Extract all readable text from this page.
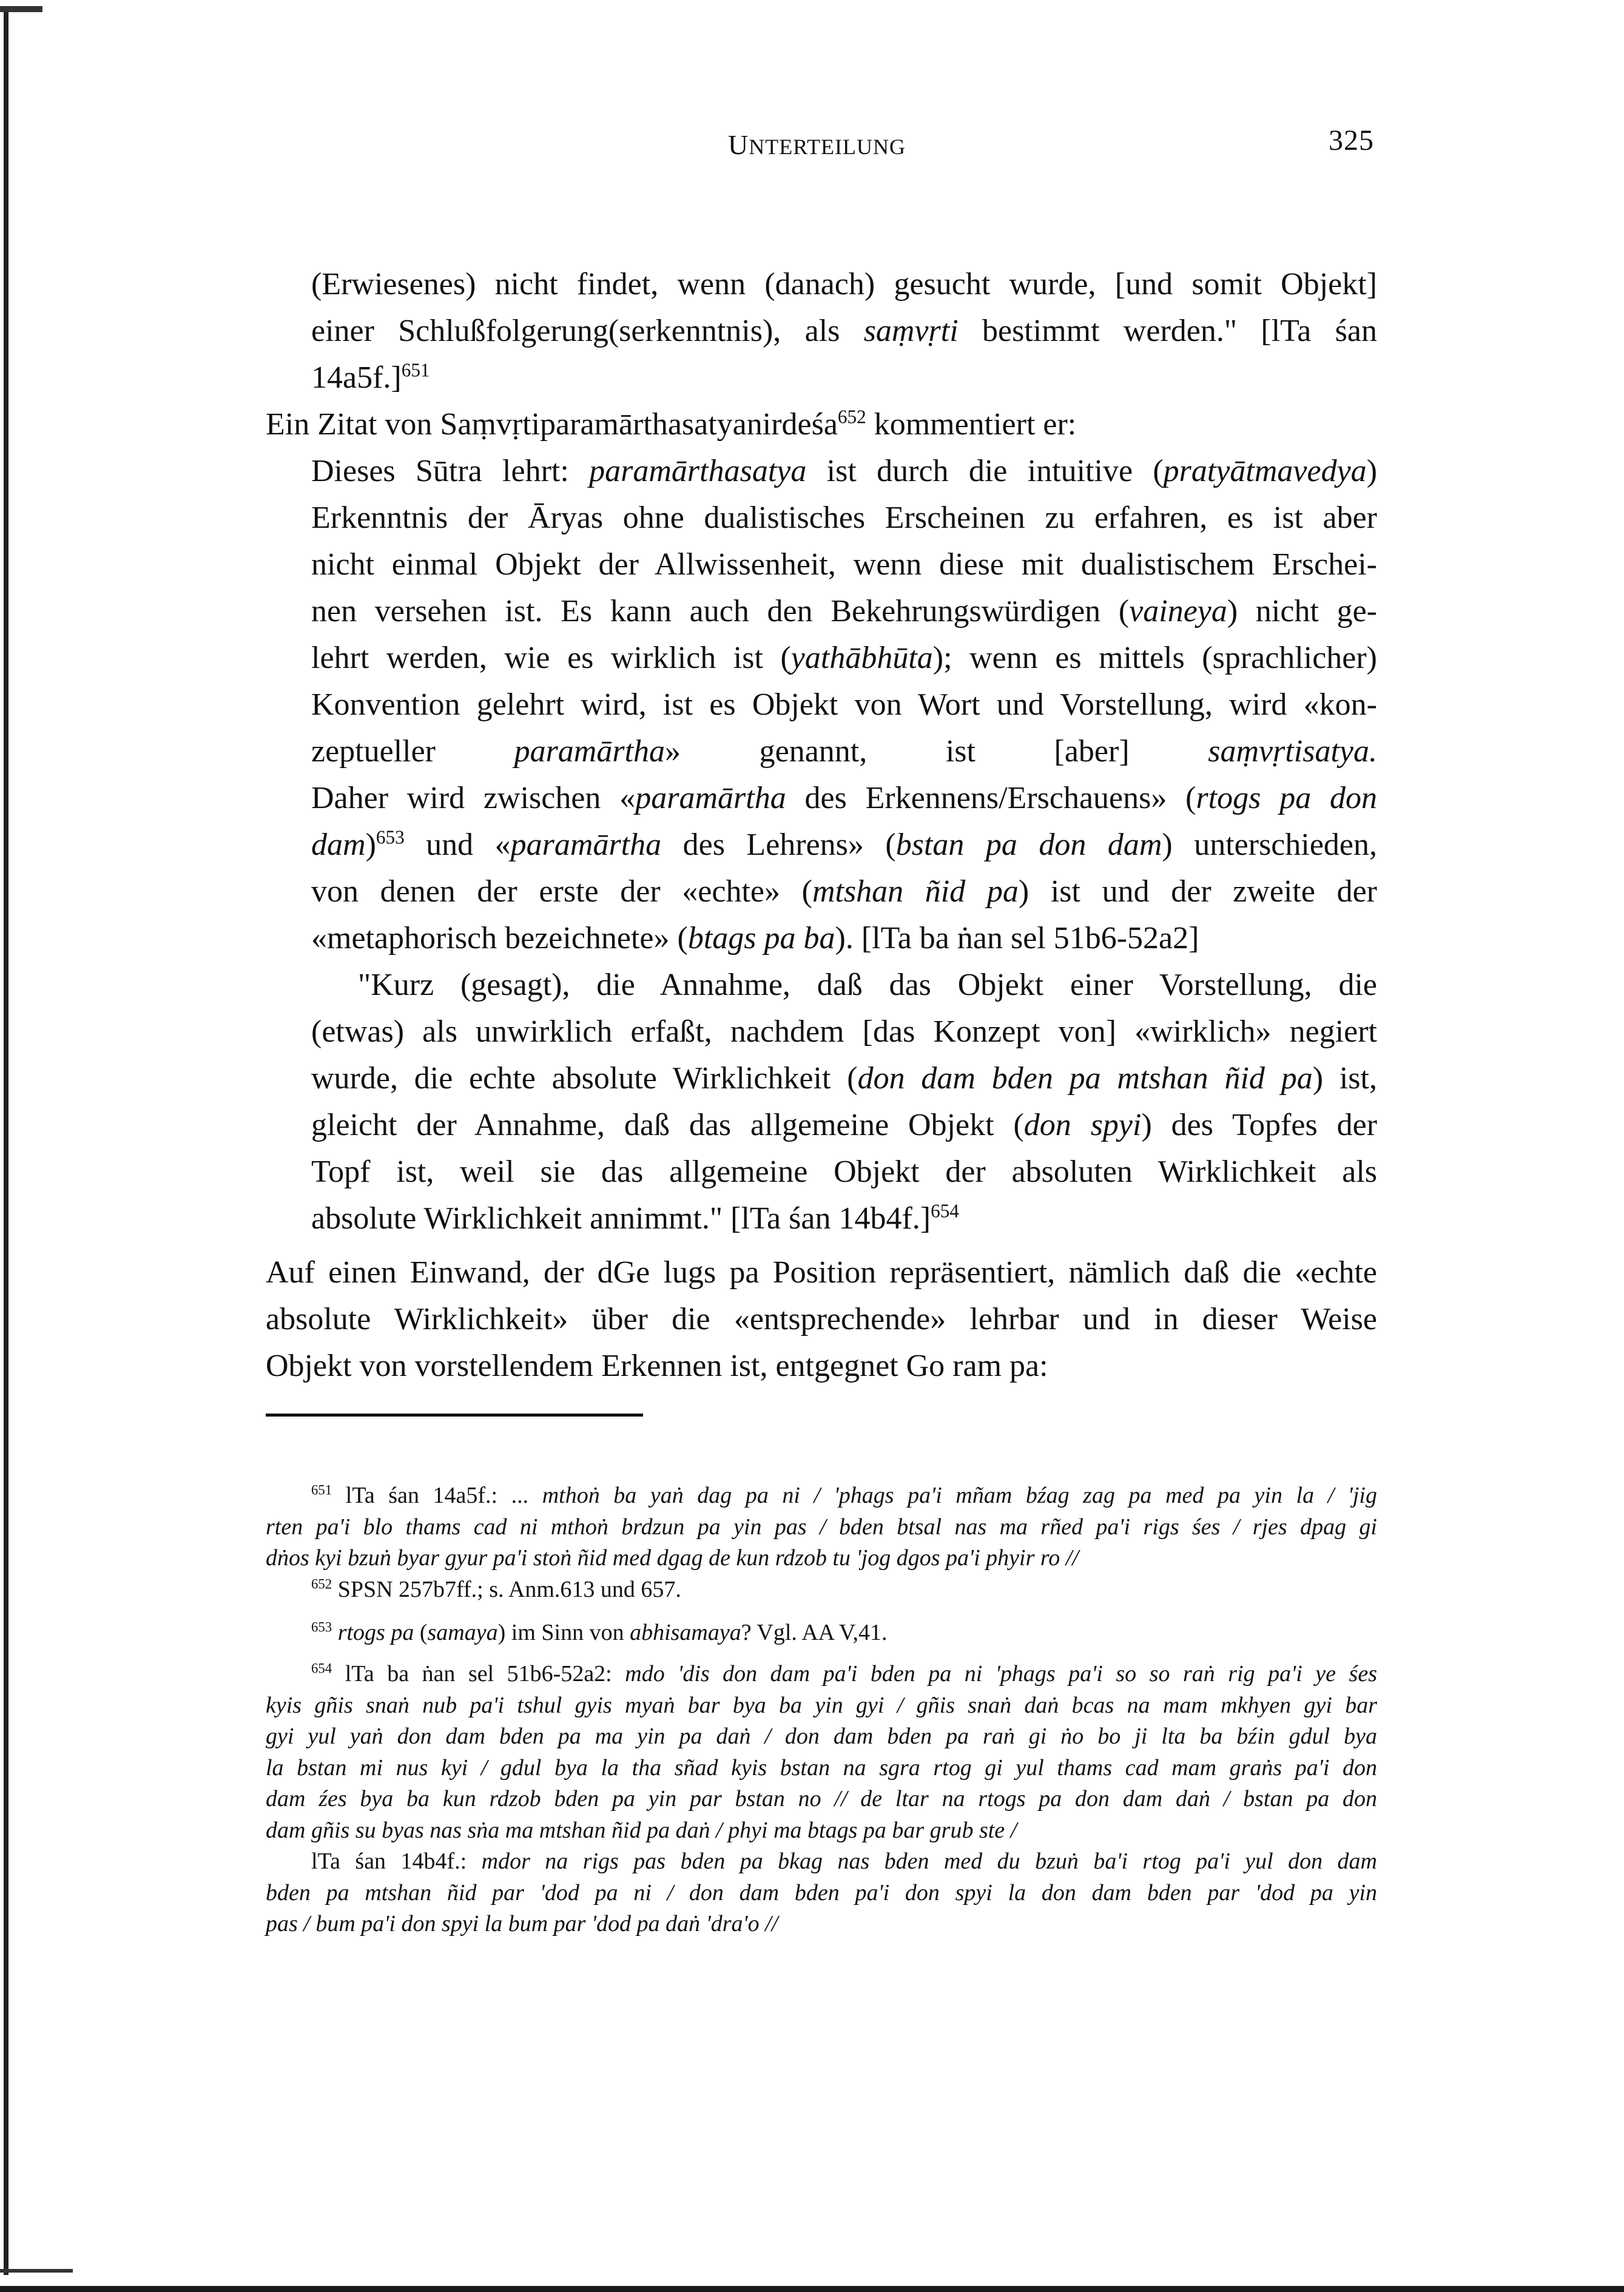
UNTERTEILUNG	325
(Erwiesenes) nicht findet, wenn (danach) gesucht wurde, [und somit Objekt]
einer Schlußfolgerung(serkenntnis), als saṃvṛti bestimmt werden." [lTa śan
14a5f.]$^{651}$
Ein Zitat von Saṃvṛtiparamārthasatyanirdeśa$^{652}$ kommentiert er:
Dieses Sūtra lehrt: paramārthasatya ist durch die intuitive (pratyātmavedya)
Erkenntnis der Āryas ohne dualistisches Erscheinen zu erfahren, es ist aber
nicht einmal Objekt der Allwissenheit, wenn diese mit dualistischem Erschei-
nen versehen ist. Es kann auch den Bekehrungswürdigen (vaineya) nicht ge-
lehrt werden, wie es wirklich ist (yathābhūta); wenn es mittels (sprachlicher)
Konvention gelehrt wird, ist es Objekt von Wort und Vorstellung, wird «kon-
zeptueller paramārtha» genannt, ist [aber] saṃvṛtisatya.
Daher wird zwischen «paramārtha des Erkennens/Erschauens» (rtogs pa don
dam)$^{653}$ und «paramārtha des Lehrens» (bstan pa don dam) unterschieden,
von denen der erste der «echte» (mtshan ñid pa) ist und der zweite der
«metaphorisch bezeichnete» (btags pa ba). [lTa ba ṅan sel 51b6-52a2]
"Kurz (gesagt), die Annahme, daß das Objekt einer Vorstellung, die
(etwas) als unwirklich erfaßt, nachdem [das Konzept von] «wirklich» negiert
wurde, die echte absolute Wirklichkeit (don dam bden pa mtshan ñid pa) ist,
gleicht der Annahme, daß das allgemeine Objekt (don spyi) des Topfes der
Topf ist, weil sie das allgemeine Objekt der absoluten Wirklichkeit als
absolute Wirklichkeit annimmt." [lTa śan 14b4f.]$^{654}$
Auf einen Einwand, der dGe lugs pa Position repräsentiert, nämlich daß die «echte
absolute Wirklichkeit» über die «entsprechende» lehrbar und in dieser Weise
Objekt von vorstellendem Erkennen ist, entgegnet Go ram pa:
$^{651}$ lTa śan 14a5f.: ... mthoṅ ba yaṅ dag pa ni / 'phags pa'i mñam bźag zag pa med pa yin la / 'jig
rten pa'i blo thams cad ni mthoṅ brdzun pa yin pas / bden btsal nas ma rñed pa'i rigs śes / rjes dpag gi
dṅos kyi bzuṅ byar gyur pa'i stoṅ ñid med dgag de kun rdzob tu 'jog dgos pa'i phyir ro //
$^{652}$ SPSN 257b7ff.; s. Anm.613 und 657.
$^{653}$ rtogs pa (samaya) im Sinn von abhisamaya? Vgl. AA V,41.
$^{654}$ lTa ba ṅan sel 51b6-52a2: mdo 'dis don dam pa'i bden pa ni 'phags pa'i so so raṅ rig pa'i ye śes
kyis gñis snaṅ nub pa'i tshul gyis myaṅ bar bya ba yin gyi / gñis snaṅ daṅ bcas na mam mkhyen gyi bar
gyi yul yaṅ don dam bden pa ma yin pa daṅ / don dam bden pa raṅ gi ṅo bo ji lta ba bźin gdul bya
la bstan mi nus kyi / gdul bya la tha sñad kyis bstan na sgra rtog gi yul thams cad mam graṅs pa'i don
dam źes bya ba kun rdzob bden pa yin par bstan no // de ltar na rtogs pa don dam daṅ / bstan pa don
dam gñis su byas nas sṅa ma mtshan ñid pa daṅ / phyi ma btags pa bar grub ste /
lTa śan 14b4f.: mdor na rigs pas bden pa bkag nas bden med du bzuṅ ba'i rtog pa'i yul don dam
bden pa mtshan ñid par 'dod pa ni / don dam bden pa'i don spyi la don dam bden par 'dod pa yin
pas / bum pa'i don spyi la bum par 'dod pa daṅ 'dra'o //
